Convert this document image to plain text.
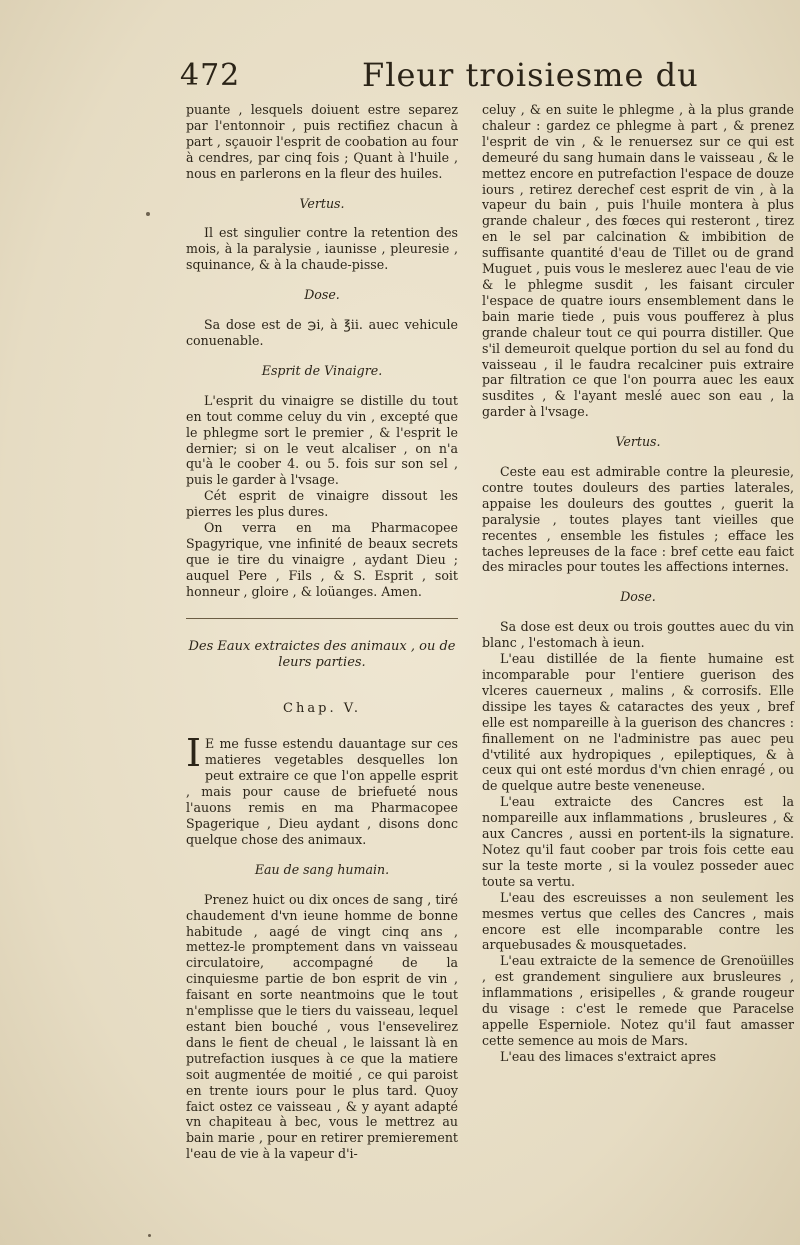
472	Fleur troisiesme du

puante , lesquels doiuent estre separez par l'entonnoir , puis rectifiez chacun à part , sçauoir l'esprit de coobation au four à cendres, par cinq fois ; Quant à l'huile , nous en parlerons en la fleur des huiles.

Vertus.

Il est singulier contre la retention des mois, à la paralysie , iaunisse , pleuresie , squinance, & à la chaude-pisse.

Dose.

Sa dose est de ℈i, à ℥ii. auec vehicule conuenable.

Esprit de Vinaigre.

L'esprit du vinaigre se distille du tout en tout comme celuy du vin , excepté que le phlegme sort le premier , & l'esprit le dernier; si on le veut alcaliser , on n'a qu'à le coober 4. ou 5. fois sur son sel , puis le garder à l'vsage.

Cét esprit de vinaigre dissout les pierres les plus dures.

On verra en ma Pharmacopee Spagyrique, vne infinité de beaux secrets que ie tire du vinaigre , aydant Dieu ; auquel Pere , Fils , & S. Esprit , soit honneur , gloire , & loüanges. Amen.

Des Eaux extraictes des animaux , ou de leurs parties.
Chap. V.

I E me fusse estendu dauantage sur ces matieres vegetables desquelles lon peut extraire ce que l'on appelle esprit , mais pour cause de briefueté nous l'auons remis en ma Pharmacopee Spagerique , Dieu aydant , disons donc quelque chose des animaux.

Eau de sang humain.

Prenez huict ou dix onces de sang , tiré chaudement d'vn ieune homme de bonne habitude , aagé de vingt cinq ans , mettez-le promptement dans vn vaisseau circulatoire, accompagné de la cinquiesme partie de bon esprit de vin , faisant en sorte neantmoins que le tout n'emplisse que le tiers du vaisseau, lequel estant bien bouché , vous l'ensevelirez dans le fient de cheual , le laissant là en putrefaction iusques à ce que la matiere soit augmentée de moitié , ce qui paroist en trente iours pour le plus tard. Quoy faict ostez ce vaisseau , & y ayant adapté vn chapiteau à bec, vous le mettrez au bain marie , pour en retirer premierement l'eau de vie à la vapeur d'i-

celuy , & en suite le phlegme , à la plus grande chaleur : gardez ce phlegme à part , & prenez l'esprit de vin , & le renuersez sur ce qui est demeuré du sang humain dans le vaisseau , & le mettez encore en putrefaction l'espace de douze iours , retirez derechef cest esprit de vin , à la vapeur du bain , puis l'huile montera à plus grande chaleur , des fœces qui resteront , tirez en le sel par calcination & imbibition de suffisante quantité d'eau de Tillet ou de grand Muguet , puis vous le meslerez auec l'eau de vie & le phlegme susdit , les faisant circuler l'espace de quatre iours ensemblement dans le bain marie tiede , puis vous poufferez à plus grande chaleur tout ce qui pourra distiller. Que s'il demeuroit quelque portion du sel au fond du vaisseau , il le faudra recalciner puis extraire par filtration ce que l'on pourra auec les eaux susdites , & l'ayant meslé auec son eau , la garder à l'vsage.

Vertus.

Ceste eau est admirable contre la pleuresie, contre toutes douleurs des parties laterales, appaise les douleurs des gouttes , guerit la paralysie , toutes playes tant vieilles que recentes , ensemble les fistules ; efface les taches lepreuses de la face : bref cette eau faict des miracles pour toutes les affections internes.

Dose.

Sa dose est deux ou trois gouttes auec du vin blanc , l'estomach à ieun.

L'eau distillée de la fiente humaine est incomparable pour l'entiere guerison des vlceres cauerneux , malins , & corrosifs. Elle dissipe les tayes & cataractes des yeux , bref elle est nompareille à la guerison des chancres : finallement on ne l'administre pas auec peu d'vtilité aux hydropiques , epileptiques, & à ceux qui ont esté mordus d'vn chien enragé , ou de quelque autre beste veneneuse.

L'eau extraicte des Cancres est la nompareille aux inflammations , brusleures , & aux Cancres , aussi en portent-ils la signature. Notez qu'il faut coober par trois fois cette eau sur la teste morte , si la voulez posseder auec toute sa vertu.

L'eau des escreuisses a non seulement les mesmes vertus que celles des Cancres , mais encore est elle incomparable contre les arquebusades & mousquetades.

L'eau extraicte de la semence de Grenoüilles , est grandement singuliere aux brusleures , inflammations , erisipelles , & grande rougeur du visage : c'est le remede que Paracelse appelle Esperniole. Notez qu'il faut amasser cette semence au mois de Mars.

L'eau des limaces s'extraict apres
